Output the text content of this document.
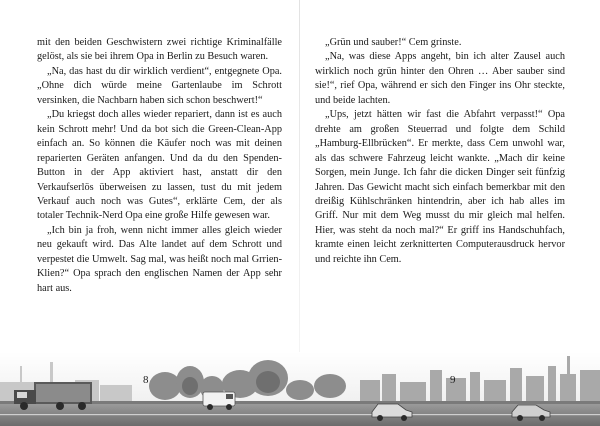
mit den beiden Geschwistern zwei richtige Kriminalfälle gelöst, als sie bei ihrem Opa in Berlin zu Besuch waren.

„Na, das hast du dir wirklich verdient“, entgegnete Opa. „Ohne dich würde meine Gartenlaube im Schrott versinken, die Nachbarn haben sich schon beschwert!“

„Du kriegst doch alles wieder repariert, dann ist es auch kein Schrott mehr! Und da bot sich die Green-Clean-App einfach an. So können die Käufer noch was mit deinen reparierten Geräten anfangen. Und da du den Spenden-Button in der App aktiviert hast, anstatt dir den Verkaufserlös überweisen zu lassen, tust du mit jedem Verkauf auch noch was Gutes“, erklärte Cem, der als totaler Technik-Nerd Opa eine große Hilfe gewesen war.

„Ich bin ja froh, wenn nicht immer alles gleich wieder neu gekauft wird. Das Alte landet auf dem Schrott und verpestet die Umwelt. Sag mal, was heißt noch mal Grrien-Klien?“ Opa sprach den englischen Namen der App sehr hart aus.

„Grün und sauber!“ Cem grinste.

„Na, was diese Apps angeht, bin ich alter Zausel auch wirklich noch grün hinter den Ohren … Aber sauber sind sie!“, rief Opa, während er sich den Finger ins Ohr steckte, und beide lachten.

„Ups, jetzt hätten wir fast die Abfahrt verpasst!“ Opa drehte am großen Steuerrad und folgte dem Schild „Hamburg-Ellbrücken“. Er merkte, dass Cem unwohl war, als das schwere Fahrzeug leicht wankte. „Mach dir keine Sorgen, mein Junge. Ich fahr die dicken Dinger seit fünfzig Jahren. Das Gewicht macht sich einfach bemerkbar mit den dreißig Kühlschränken hintendrin, aber ich hab alles im Griff. Nur mit dem Weg musst du mir gleich mal helfen. Hier, was steht da noch mal?“ Er griff ins Handschuhfach, kramte einen leicht zerknitterten Computerausdruck hervor und reichte ihn Cem.

8	9
